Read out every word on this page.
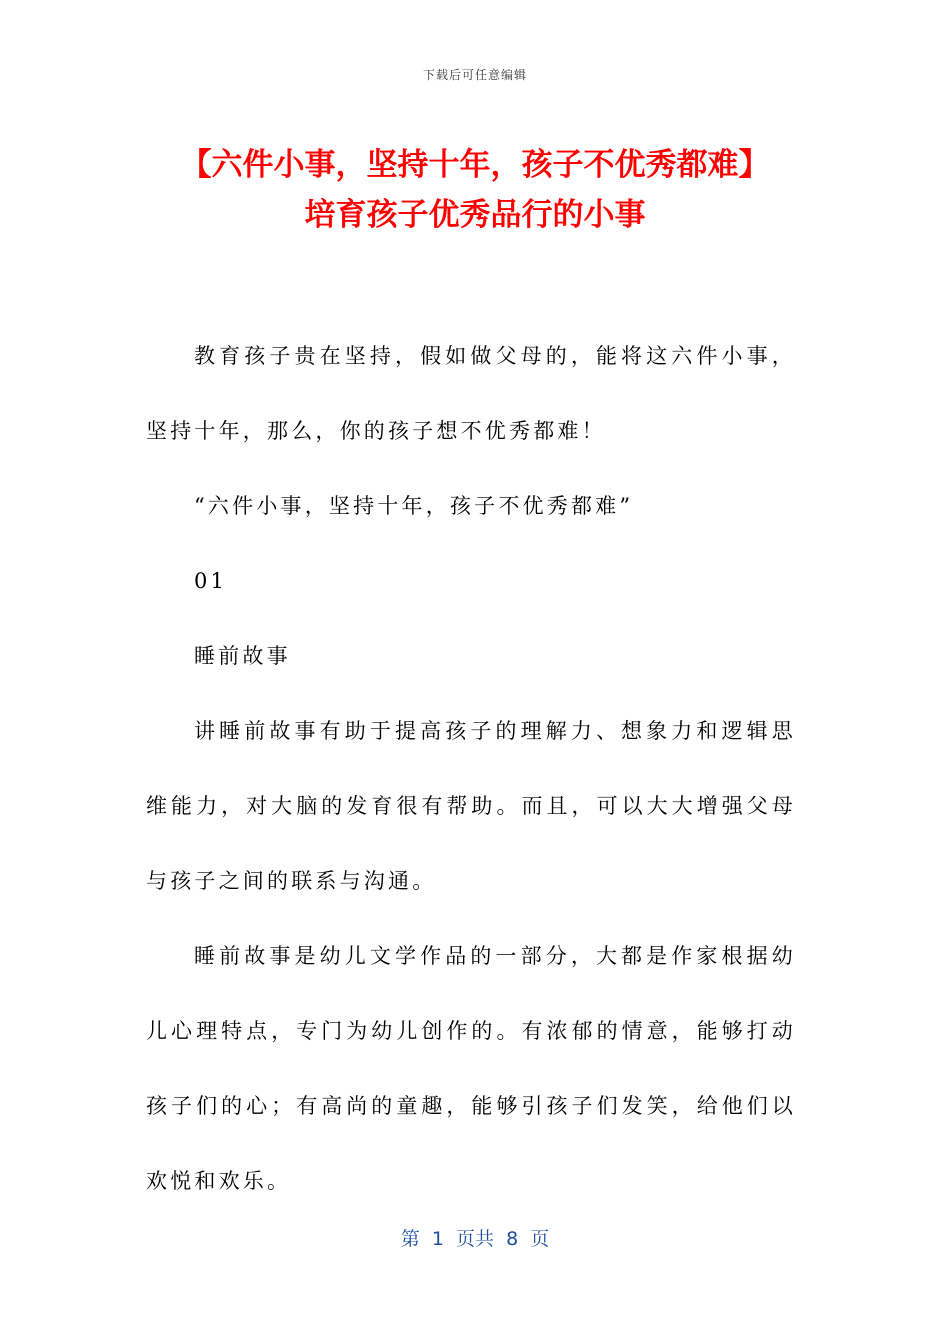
下载后可任意编辑
【六件小事，坚持十年，孩子不优秀都难】
培育孩子优秀品行的小事

教育孩子贵在坚持，假如做父母的，能将这六件小事，坚持十年，那么，你的孩子想不优秀都难！

“六件小事，坚持十年，孩子不优秀都难”

01

睡前故事

讲睡前故事有助于提高孩子的理解力、想象力和逻辑思维能力，对大脑的发育很有帮助。而且，可以大大增强父母与孩子之间的联系与沟通。

睡前故事是幼儿文学作品的一部分，大都是作家根据幼儿心理特点，专门为幼儿创作的。有浓郁的情意，能够打动孩子们的心；有高尚的童趣，能够引孩子们发笑，给他们以欢悦和欢乐。

第  1  页共  8  页
